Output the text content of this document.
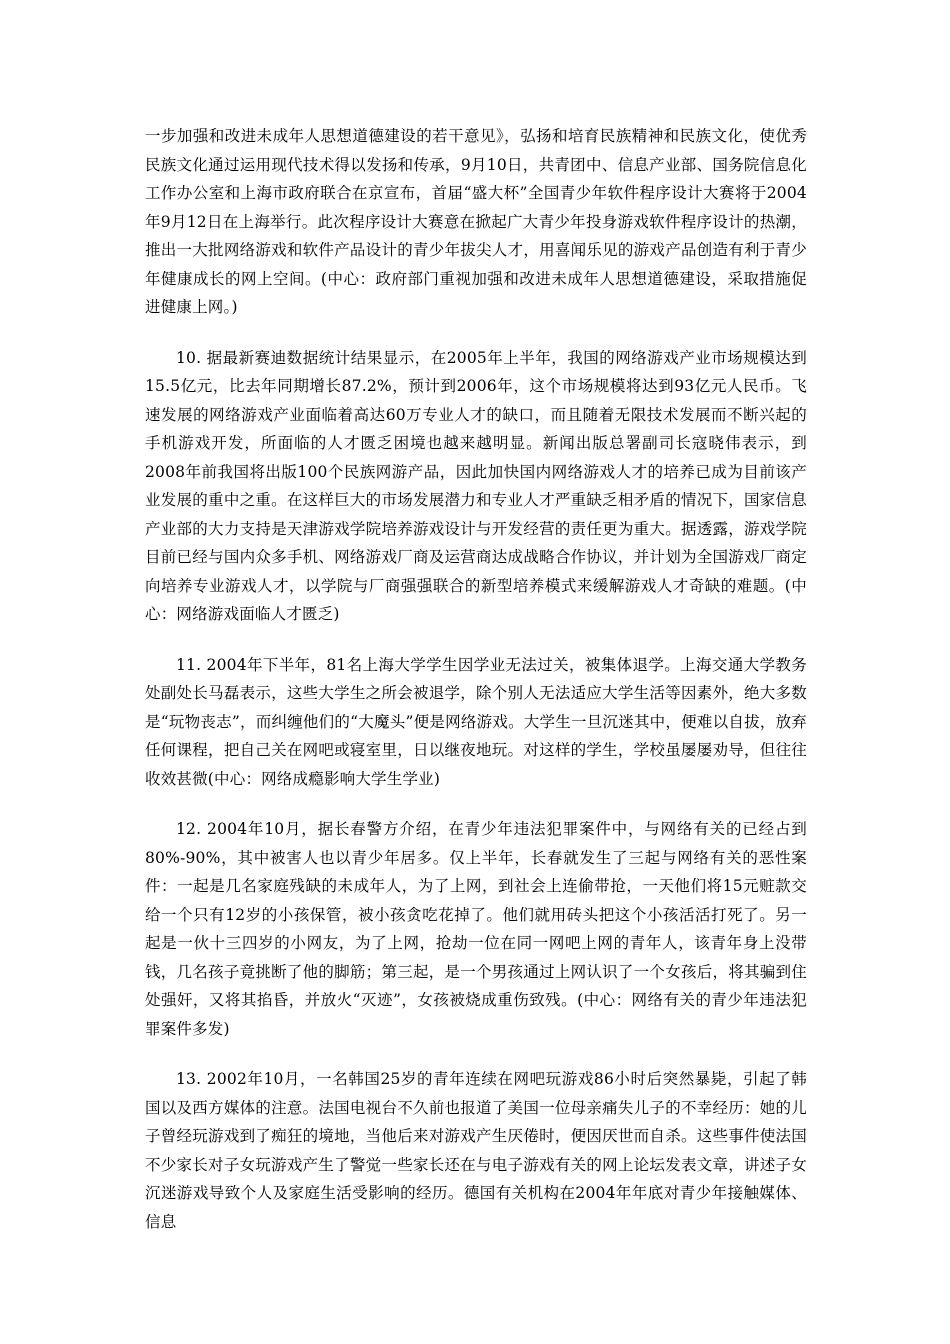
一步加强和改进未成年人思想道德建设的若干意见》，弘扬和培育民族精神和民族文化，使优秀民族文化通过运用现代技术得以发扬和传承，9月10日，共青团中、信息产业部、国务院信息化工作办公室和上海市政府联合在京宣布，首届“盛大杯”全国青少年软件程序设计大赛将于2004年9月12日在上海举行。此次程序设计大赛意在掀起广大青少年投身游戏软件程序设计的热潮，推出一大批网络游戏和软件产品设计的青少年拔尖人才，用喜闻乐见的游戏产品创造有利于青少年健康成长的网上空间。(中心：政府部门重视加强和改进未成年人思想道德建设，采取措施促进健康上网。)

10. 据最新赛迪数据统计结果显示，在2005年上半年，我国的网络游戏产业市场规模达到15.5亿元，比去年同期增长87.2%，预计到2006年，这个市场规模将达到93亿元人民币。飞速发展的网络游戏产业面临着高达60万专业人才的缺口，而且随着无限技术发展而不断兴起的手机游戏开发，所面临的人才匮乏困境也越来越明显。新闻出版总署副司长寇晓伟表示，到2008年前我国将出版100个民族网游产品，因此加快国内网络游戏人才的培养已成为目前该产业发展的重中之重。在这样巨大的市场发展潜力和专业人才严重缺乏相矛盾的情况下，国家信息产业部的大力支持是天津游戏学院培养游戏设计与开发经营的责任更为重大。据透露，游戏学院目前已经与国内众多手机、网络游戏厂商及运营商达成战略合作协议，并计划为全国游戏厂商定向培养专业游戏人才，以学院与厂商强强联合的新型培养模式来缓解游戏人才奇缺的难题。(中心：网络游戏面临人才匮乏)

11. 2004年下半年，81名上海大学学生因学业无法过关，被集体退学。上海交通大学教务处副处长马磊表示，这些大学生之所会被退学，除个别人无法适应大学生活等因素外，绝大多数是“玩物丧志”，而纠缠他们的“大魔头”便是网络游戏。大学生一旦沉迷其中，便难以自拔，放弃任何课程，把自己关在网吧或寝室里，日以继夜地玩。对这样的学生，学校虽屡屡劝导，但往往收效甚微(中心：网络成瘾影响大学生学业)

12. 2004年10月，据长春警方介绍，在青少年违法犯罪案件中，与网络有关的已经占到80%-90%，其中被害人也以青少年居多。仅上半年，长春就发生了三起与网络有关的恶性案件：一起是几名家庭残缺的未成年人，为了上网，到社会上连偷带抢，一天他们将15元赃款交给一个只有12岁的小孩保管，被小孩贪吃花掉了。他们就用砖头把这个小孩活活打死了。另一起是一伙十三四岁的小网友，为了上网，抢劫一位在同一网吧上网的青年人，该青年身上没带钱，几名孩子竟挑断了他的脚筋；第三起，是一个男孩通过上网认识了一个女孩后，将其骗到住处强奸，又将其掐昏，并放火“灭迹”，女孩被烧成重伤致残。(中心：网络有关的青少年违法犯罪案件多发)

13. 2002年10月，一名韩国25岁的青年连续在网吧玩游戏86小时后突然暴毙，引起了韩国以及西方媒体的注意。法国电视台不久前也报道了美国一位母亲痛失儿子的不幸经历：她的儿子曾经玩游戏到了痴狂的境地，当他后来对游戏产生厌倦时，便因厌世而自杀。这些事件使法国不少家长对子女玩游戏产生了警觉一些家长还在与电子游戏有关的网上论坛发表文章，讲述子女沉迷游戏导致个人及家庭生活受影响的经历。德国有关机构在2004年年底对青少年接触媒体、信息
